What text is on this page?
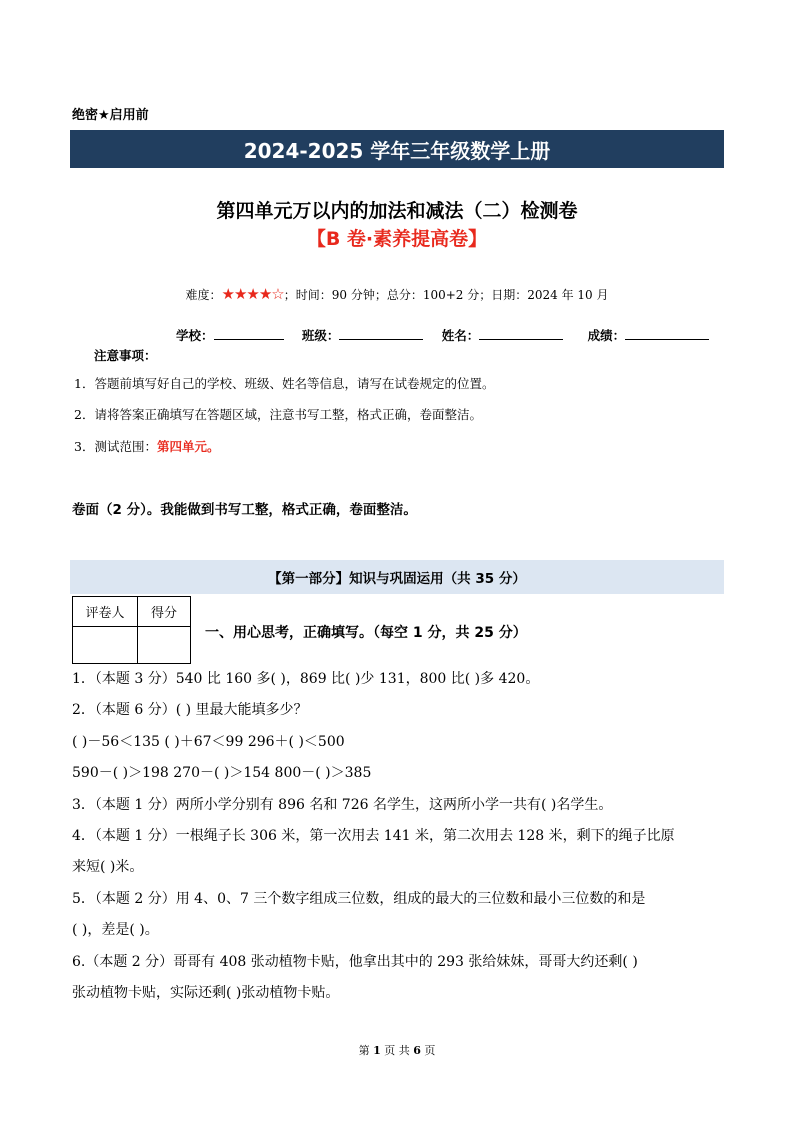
绝密★启用前
2024-2025 学年三年级数学上册
第四单元万以内的加法和减法（二）检测卷
【B 卷·素养提高卷】
难度：★★★★☆；时间：90 分钟；总分：100+2 分；日期：2024 年 10 月
学校：	班级：	姓名：	成绩：
注意事项：
1．答题前填写好自己的学校、班级、姓名等信息，请写在试卷规定的位置。
2．请将答案正确填写在答题区域，注意书写工整，格式正确，卷面整洁。
3．测试范围：第四单元。
卷面（2 分）。我能做到书写工整，格式正确，卷面整洁。
【第一部分】知识与巩固运用（共 35 分）
评卷人	得分

一、用心思考，正确填写。（每空 1 分，共 25 分）
1．（本题 3 分）540 比 160 多( )，869 比( )少 131，800 比( )多 420。
2．（本题 6 分）( ) 里最大能填多少？
( )－56＜135 ( )＋67＜99 296＋( )＜500
590－( )＞198 270－( )＞154 800－( )＞385
3．（本题 1 分）两所小学分别有 896 名和 726 名学生，这两所小学一共有( )名学生。
4．（本题 1 分）一根绳子长 306 米，第一次用去 141 米，第二次用去 128 米，剩下的绳子比原
来短( )米。
5．（本题 2 分）用 4、0、7 三个数字组成三位数，组成的最大的三位数和最小三位数的和是
( )，差是( )。
6.（本题 2 分）哥哥有 408 张动植物卡贴，他拿出其中的 293 张给妹妹，哥哥大约还剩( )
张动植物卡贴，实际还剩( )张动植物卡贴。
第 1 页 共 6 页
